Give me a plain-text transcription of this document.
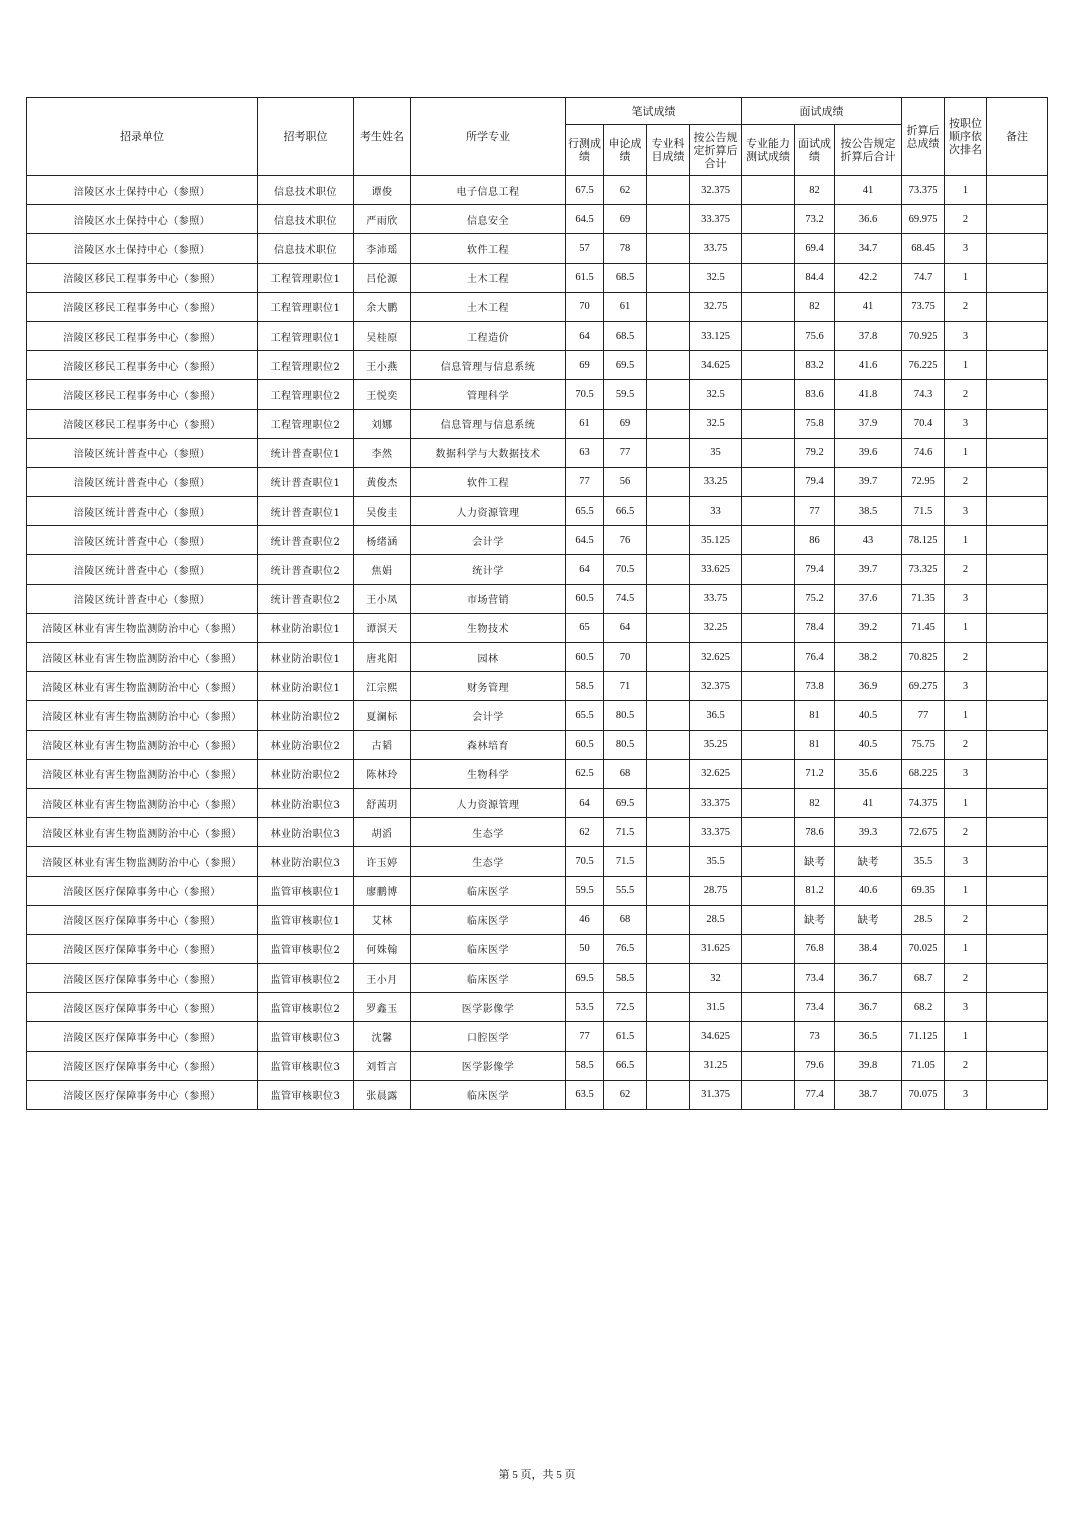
招录单位	招考职位	考生姓名	所学专业	笔试成绩				面试成绩			折算后总成绩	按职位顺序依次排名	备注
				行测成绩	申论成绩	专业科目成绩	按公告规定折算后合计	专业能力测试成绩	面试成绩	按公告规定折算后合计			
涪陵区水土保持中心（参照）	信息技术职位	谭俊	电子信息工程	67.5	62		32.375		82	41	73.375	1	
涪陵区水土保持中心（参照）	信息技术职位	严雨欣	信息安全	64.5	69		33.375		73.2	36.6	69.975	2	
涪陵区水土保持中心（参照）	信息技术职位	李沛瑶	软件工程	57	78		33.75		69.4	34.7	68.45	3	
涪陵区移民工程事务中心（参照）	工程管理职位1	吕伦源	土木工程	61.5	68.5		32.5		84.4	42.2	74.7	1	
涪陵区移民工程事务中心（参照）	工程管理职位1	余大鹏	土木工程	70	61		32.75		82	41	73.75	2	
涪陵区移民工程事务中心（参照）	工程管理职位1	吴桂原	工程造价	64	68.5		33.125		75.6	37.8	70.925	3	
涪陵区移民工程事务中心（参照）	工程管理职位2	王小燕	信息管理与信息系统	69	69.5		34.625		83.2	41.6	76.225	1	
涪陵区移民工程事务中心（参照）	工程管理职位2	王悦奕	管理科学	70.5	59.5		32.5		83.6	41.8	74.3	2	
涪陵区移民工程事务中心（参照）	工程管理职位2	刘娜	信息管理与信息系统	61	69		32.5		75.8	37.9	70.4	3	
涪陵区统计普查中心（参照）	统计普查职位1	李然	数据科学与大数据技术	63	77		35		79.2	39.6	74.6	1	
涪陵区统计普查中心（参照）	统计普查职位1	黄俊杰	软件工程	77	56		33.25		79.4	39.7	72.95	2	
涪陵区统计普查中心（参照）	统计普查职位1	吴俊圭	人力资源管理	65.5	66.5		33		77	38.5	71.5	3	
涪陵区统计普查中心（参照）	统计普查职位2	杨绪涵	会计学	64.5	76		35.125		86	43	78.125	1	
涪陵区统计普查中心（参照）	统计普查职位2	焦娟	统计学	64	70.5		33.625		79.4	39.7	73.325	2	
涪陵区统计普查中心（参照）	统计普查职位2	王小凤	市场营销	60.5	74.5		33.75		75.2	37.6	71.35	3	
涪陵区林业有害生物监测防治中心（参照）	林业防治职位1	谭溟天	生物技术	65	64		32.25		78.4	39.2	71.45	1	
涪陵区林业有害生物监测防治中心（参照）	林业防治职位1	唐兆阳	园林	60.5	70		32.625		76.4	38.2	70.825	2	
涪陵区林业有害生物监测防治中心（参照）	林业防治职位1	江宗熙	财务管理	58.5	71		32.375		73.8	36.9	69.275	3	
涪陵区林业有害生物监测防治中心（参照）	林业防治职位2	夏澜标	会计学	65.5	80.5		36.5		81	40.5	77	1	
涪陵区林业有害生物监测防治中心（参照）	林业防治职位2	古韬	森林培育	60.5	80.5		35.25		81	40.5	75.75	2	
涪陵区林业有害生物监测防治中心（参照）	林业防治职位2	陈林玲	生物科学	62.5	68		32.625		71.2	35.6	68.225	3	
涪陵区林业有害生物监测防治中心（参照）	林业防治职位3	舒茜玥	人力资源管理	64	69.5		33.375		82	41	74.375	1	
涪陵区林业有害生物监测防治中心（参照）	林业防治职位3	胡滔	生态学	62	71.5		33.375		78.6	39.3	72.675	2	
涪陵区林业有害生物监测防治中心（参照）	林业防治职位3	许玉婷	生态学	70.5	71.5		35.5		缺考	缺考	35.5	3	
涪陵区医疗保障事务中心（参照）	监管审核职位1	廖鹏博	临床医学	59.5	55.5		28.75		81.2	40.6	69.35	1	
涪陵区医疗保障事务中心（参照）	监管审核职位1	艾林	临床医学	46	68		28.5		缺考	缺考	28.5	2	
涪陵区医疗保障事务中心（参照）	监管审核职位2	何姝翰	临床医学	50	76.5		31.625		76.8	38.4	70.025	1	
涪陵区医疗保障事务中心（参照）	监管审核职位2	王小月	临床医学	69.5	58.5		32		73.4	36.7	68.7	2	
涪陵区医疗保障事务中心（参照）	监管审核职位2	罗鑫玉	医学影像学	53.5	72.5		31.5		73.4	36.7	68.2	3	
涪陵区医疗保障事务中心（参照）	监管审核职位3	沈馨	口腔医学	77	61.5		34.625		73	36.5	71.125	1	
涪陵区医疗保障事务中心（参照）	监管审核职位3	刘哲言	医学影像学	58.5	66.5		31.25		79.6	39.8	71.05	2	
涪陵区医疗保障事务中心（参照）	监管审核职位3	张晨露	临床医学	63.5	62		31.375		77.4	38.7	70.075	3	
第 5 页，共 5 页
